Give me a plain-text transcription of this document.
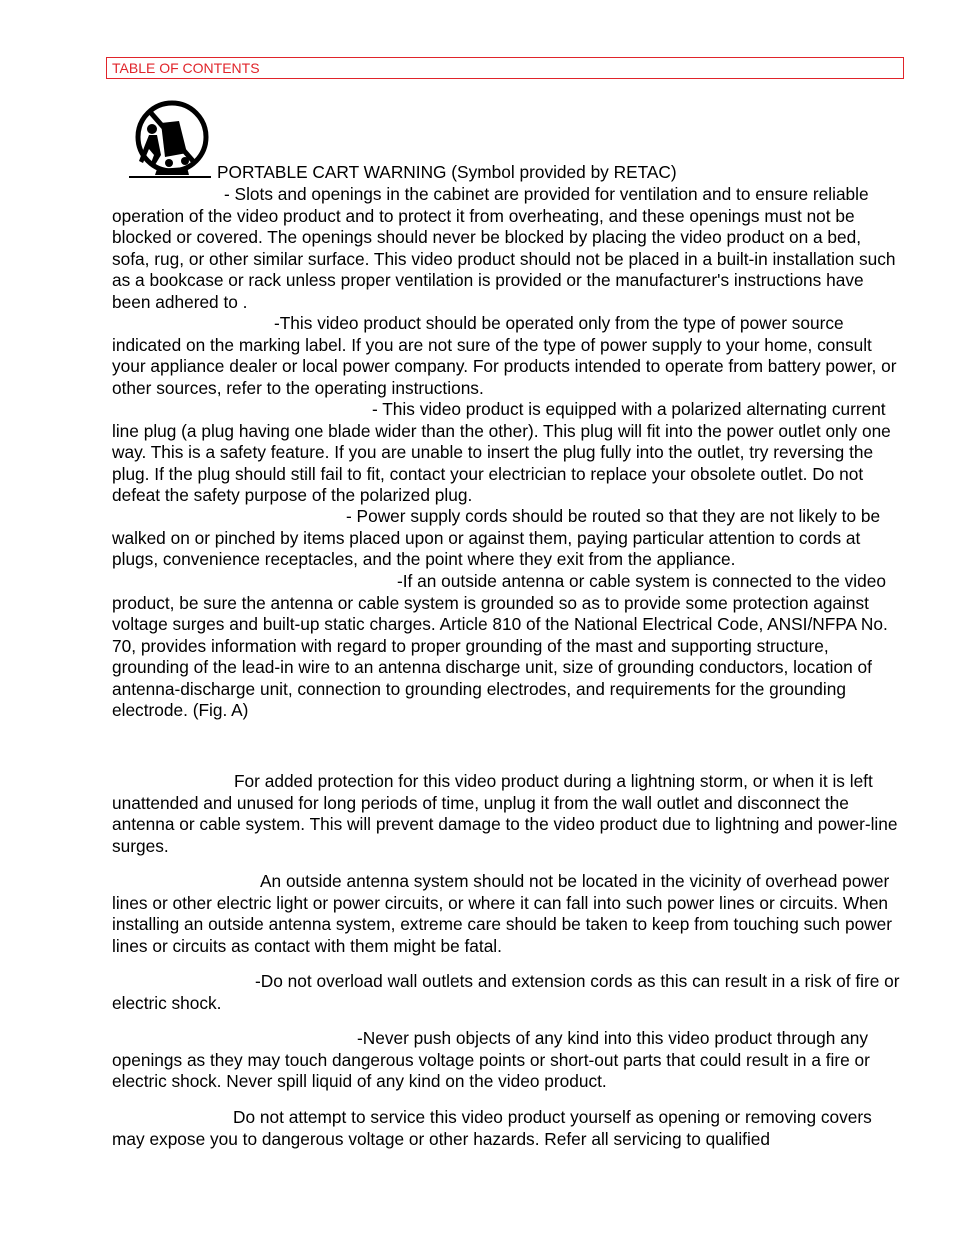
TABLE OF CONTENTS
PORTABLE CART WARNING (Symbol provided by RETAC)

- Slots and openings in the cabinet are provided for ventilation and to ensure reliable operation of the video product and to protect it from overheating, and these openings must not be blocked or covered. The openings should never be blocked by placing the video product on a bed, sofa, rug, or other similar surface. This video product should not be placed in a built-in installation such as a bookcase or rack unless proper ventilation is provided or the manufacturer's instructions have been adhered to .

-This video product should be operated only from the type of power source indicated on the marking label. If you are not sure of the type of power supply to your home, consult your appliance dealer or local power company. For products intended to operate from battery power, or other sources, refer to the operating instructions.

- This video product is equipped with a polarized alternating current line plug (a plug having one blade wider than the other). This plug will fit into the power outlet only one way. This is a safety feature. If you are unable to insert the plug fully into the outlet, try reversing the plug. If the plug should still fail to fit, contact your electrician to replace your obsolete outlet. Do not defeat the safety purpose of the polarized plug.

- Power supply cords should be routed so that they are not likely to be walked on or pinched by items placed upon or against them, paying particular attention to cords at plugs, convenience receptacles, and the point where they exit from the appliance.

-If an outside antenna or cable system is connected to the video product, be sure the antenna or cable system is grounded so as to provide some protection against voltage surges and built-up static charges. Article 810 of the National Electrical Code, ANSI/NFPA No. 70, provides information with regard to proper grounding of the mast and supporting structure, grounding of the lead-in wire to an antenna discharge unit, size of grounding conductors, location of antenna-discharge unit, connection to grounding electrodes, and requirements for the grounding electrode. (Fig. A)

For added protection for this video product during a lightning storm, or when it is left unattended and unused for long periods of time, unplug it from the wall outlet and disconnect the antenna or cable system. This will prevent damage to the video product due to lightning and power-line surges.

An outside antenna system should not be located in the vicinity of overhead power lines or other electric light or power circuits, or where it can fall into such power lines or circuits. When installing an outside antenna system, extreme care should be taken to keep from touching such power lines or circuits as contact with them might be fatal.

-Do not overload wall outlets and extension cords as this can result in a risk of fire or electric shock.

-Never push objects of any kind into this video product through any openings as they may touch dangerous voltage points or short-out parts that could result in a fire or electric shock. Never spill liquid of any kind on the video product.

Do not attempt to service this video product yourself as opening or removing covers may expose you to dangerous voltage or other hazards. Refer all servicing to qualified
